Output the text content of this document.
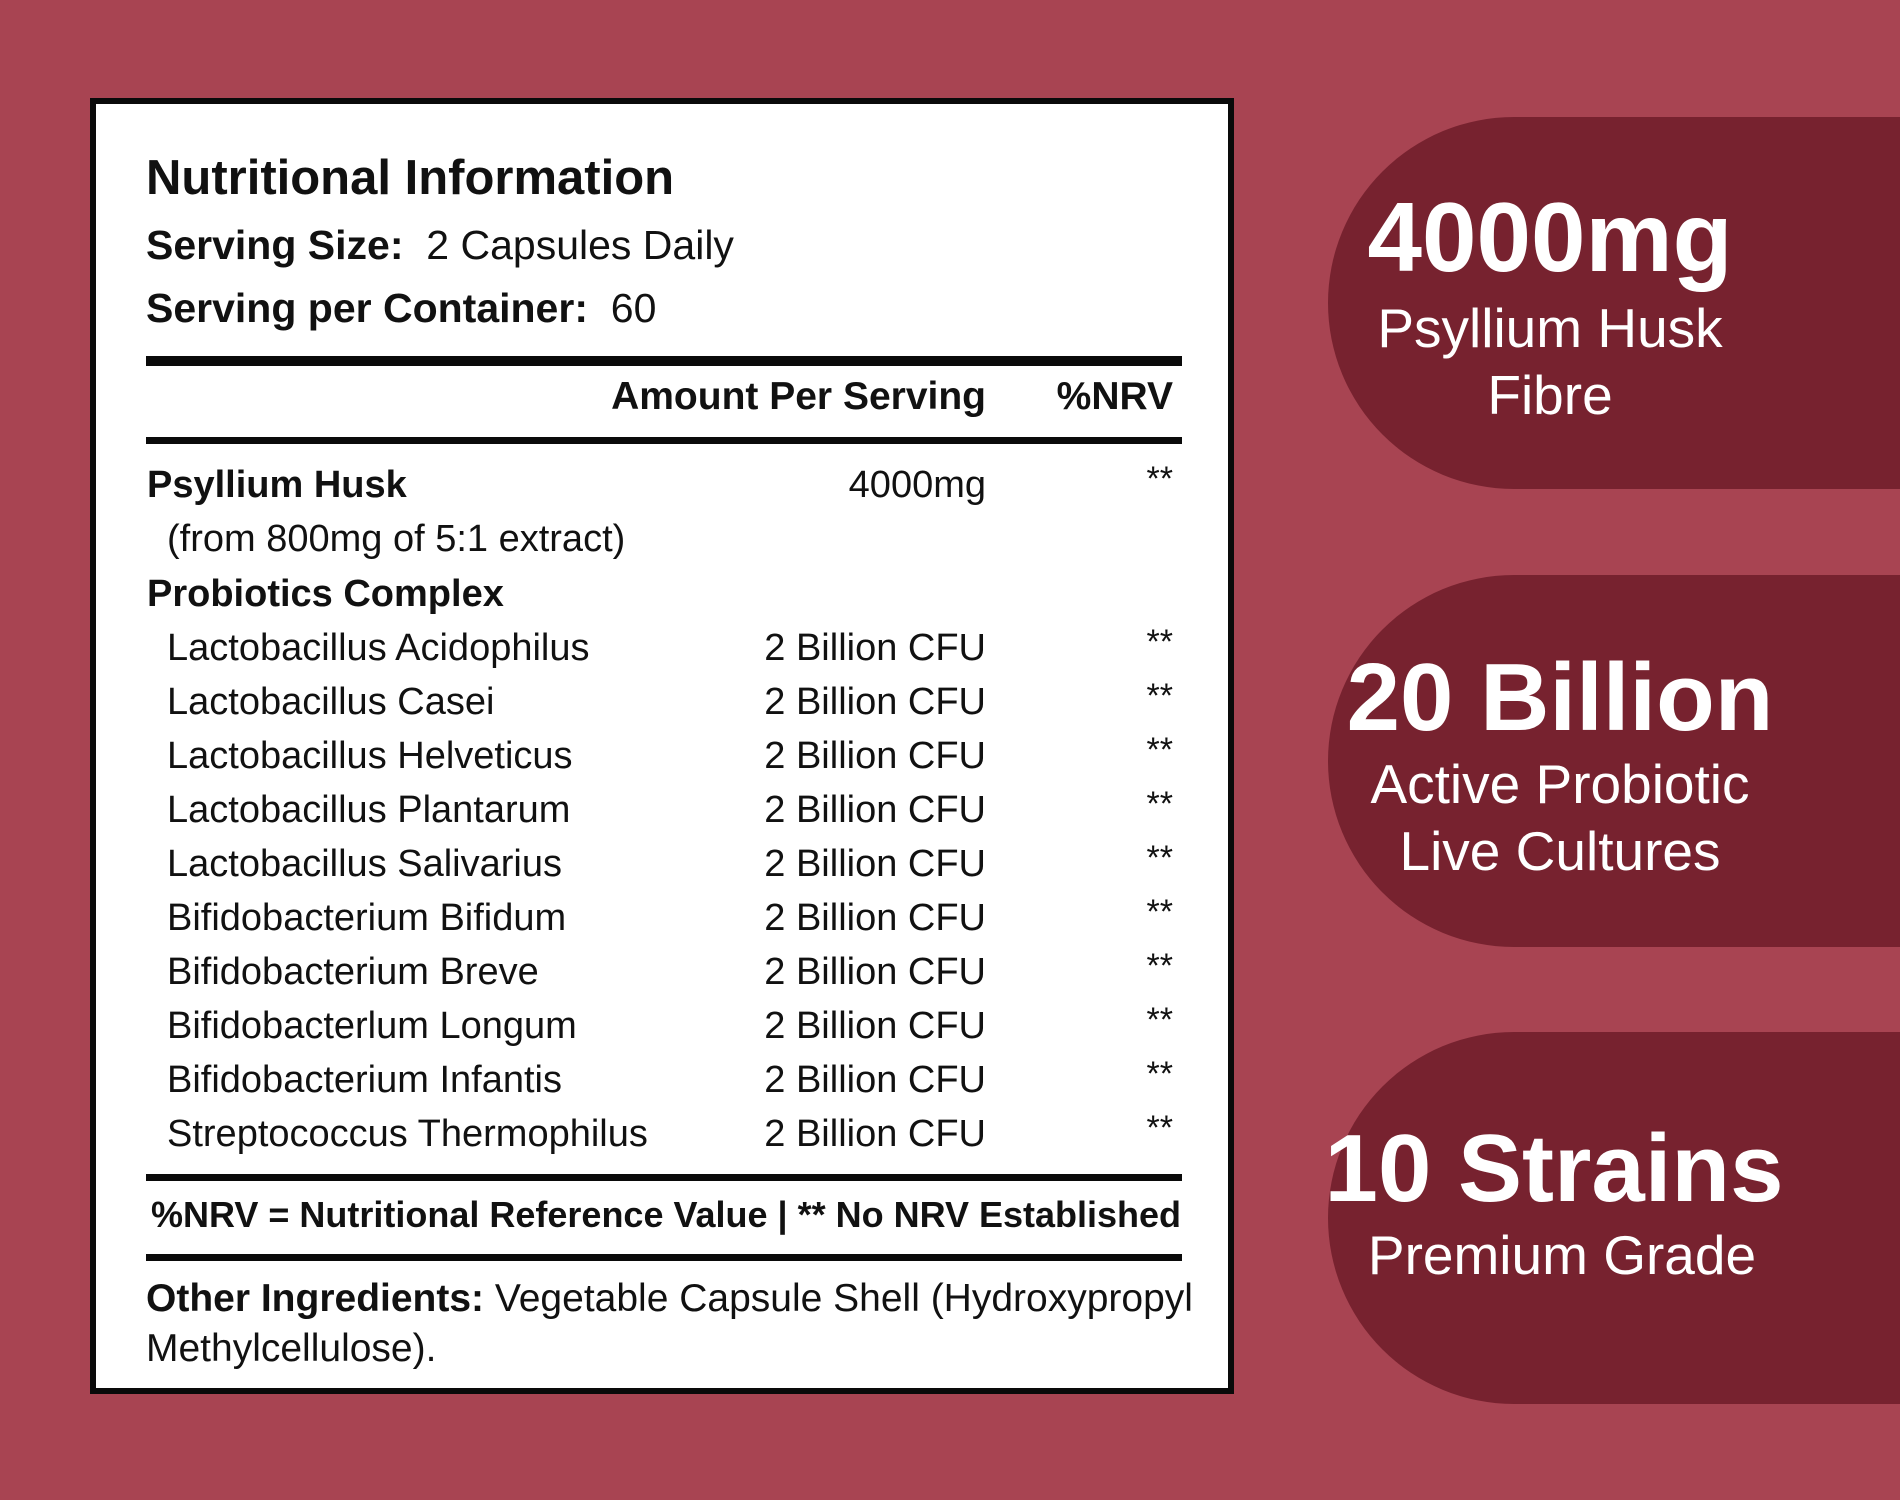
Nutritional Information
Serving Size: 2 Capsules Daily
Serving per Container: 60
Amount Per Serving %NRV
Psyllium Husk	4000mg	**
(from 800mg of 5:1 extract)
Probiotics Complex
Lactobacillus Acidophilus	2 Billion CFU	**
Lactobacillus Casei	2 Billion CFU	**
Lactobacillus Helveticus	2 Billion CFU	**
Lactobacillus Plantarum	2 Billion CFU	**
Lactobacillus Salivarius	2 Billion CFU	**
Bifidobacterium Bifidum	2 Billion CFU	**
Bifidobacterium Breve	2 Billion CFU	**
Bifidobacterlum Longum	2 Billion CFU	**
Bifidobacterium Infantis	2 Billion CFU	**
Streptococcus Thermophilus	2 Billion CFU	**
%NRV = Nutritional Reference Value | ** No NRV Established
Other Ingredients: Vegetable Capsule Shell (Hydroxypropyl Methylcellulose).
4000mg
Psyllium Husk
Fibre
20 Billion
Active Probiotic
Live Cultures
10 Strains
Premium Grade
